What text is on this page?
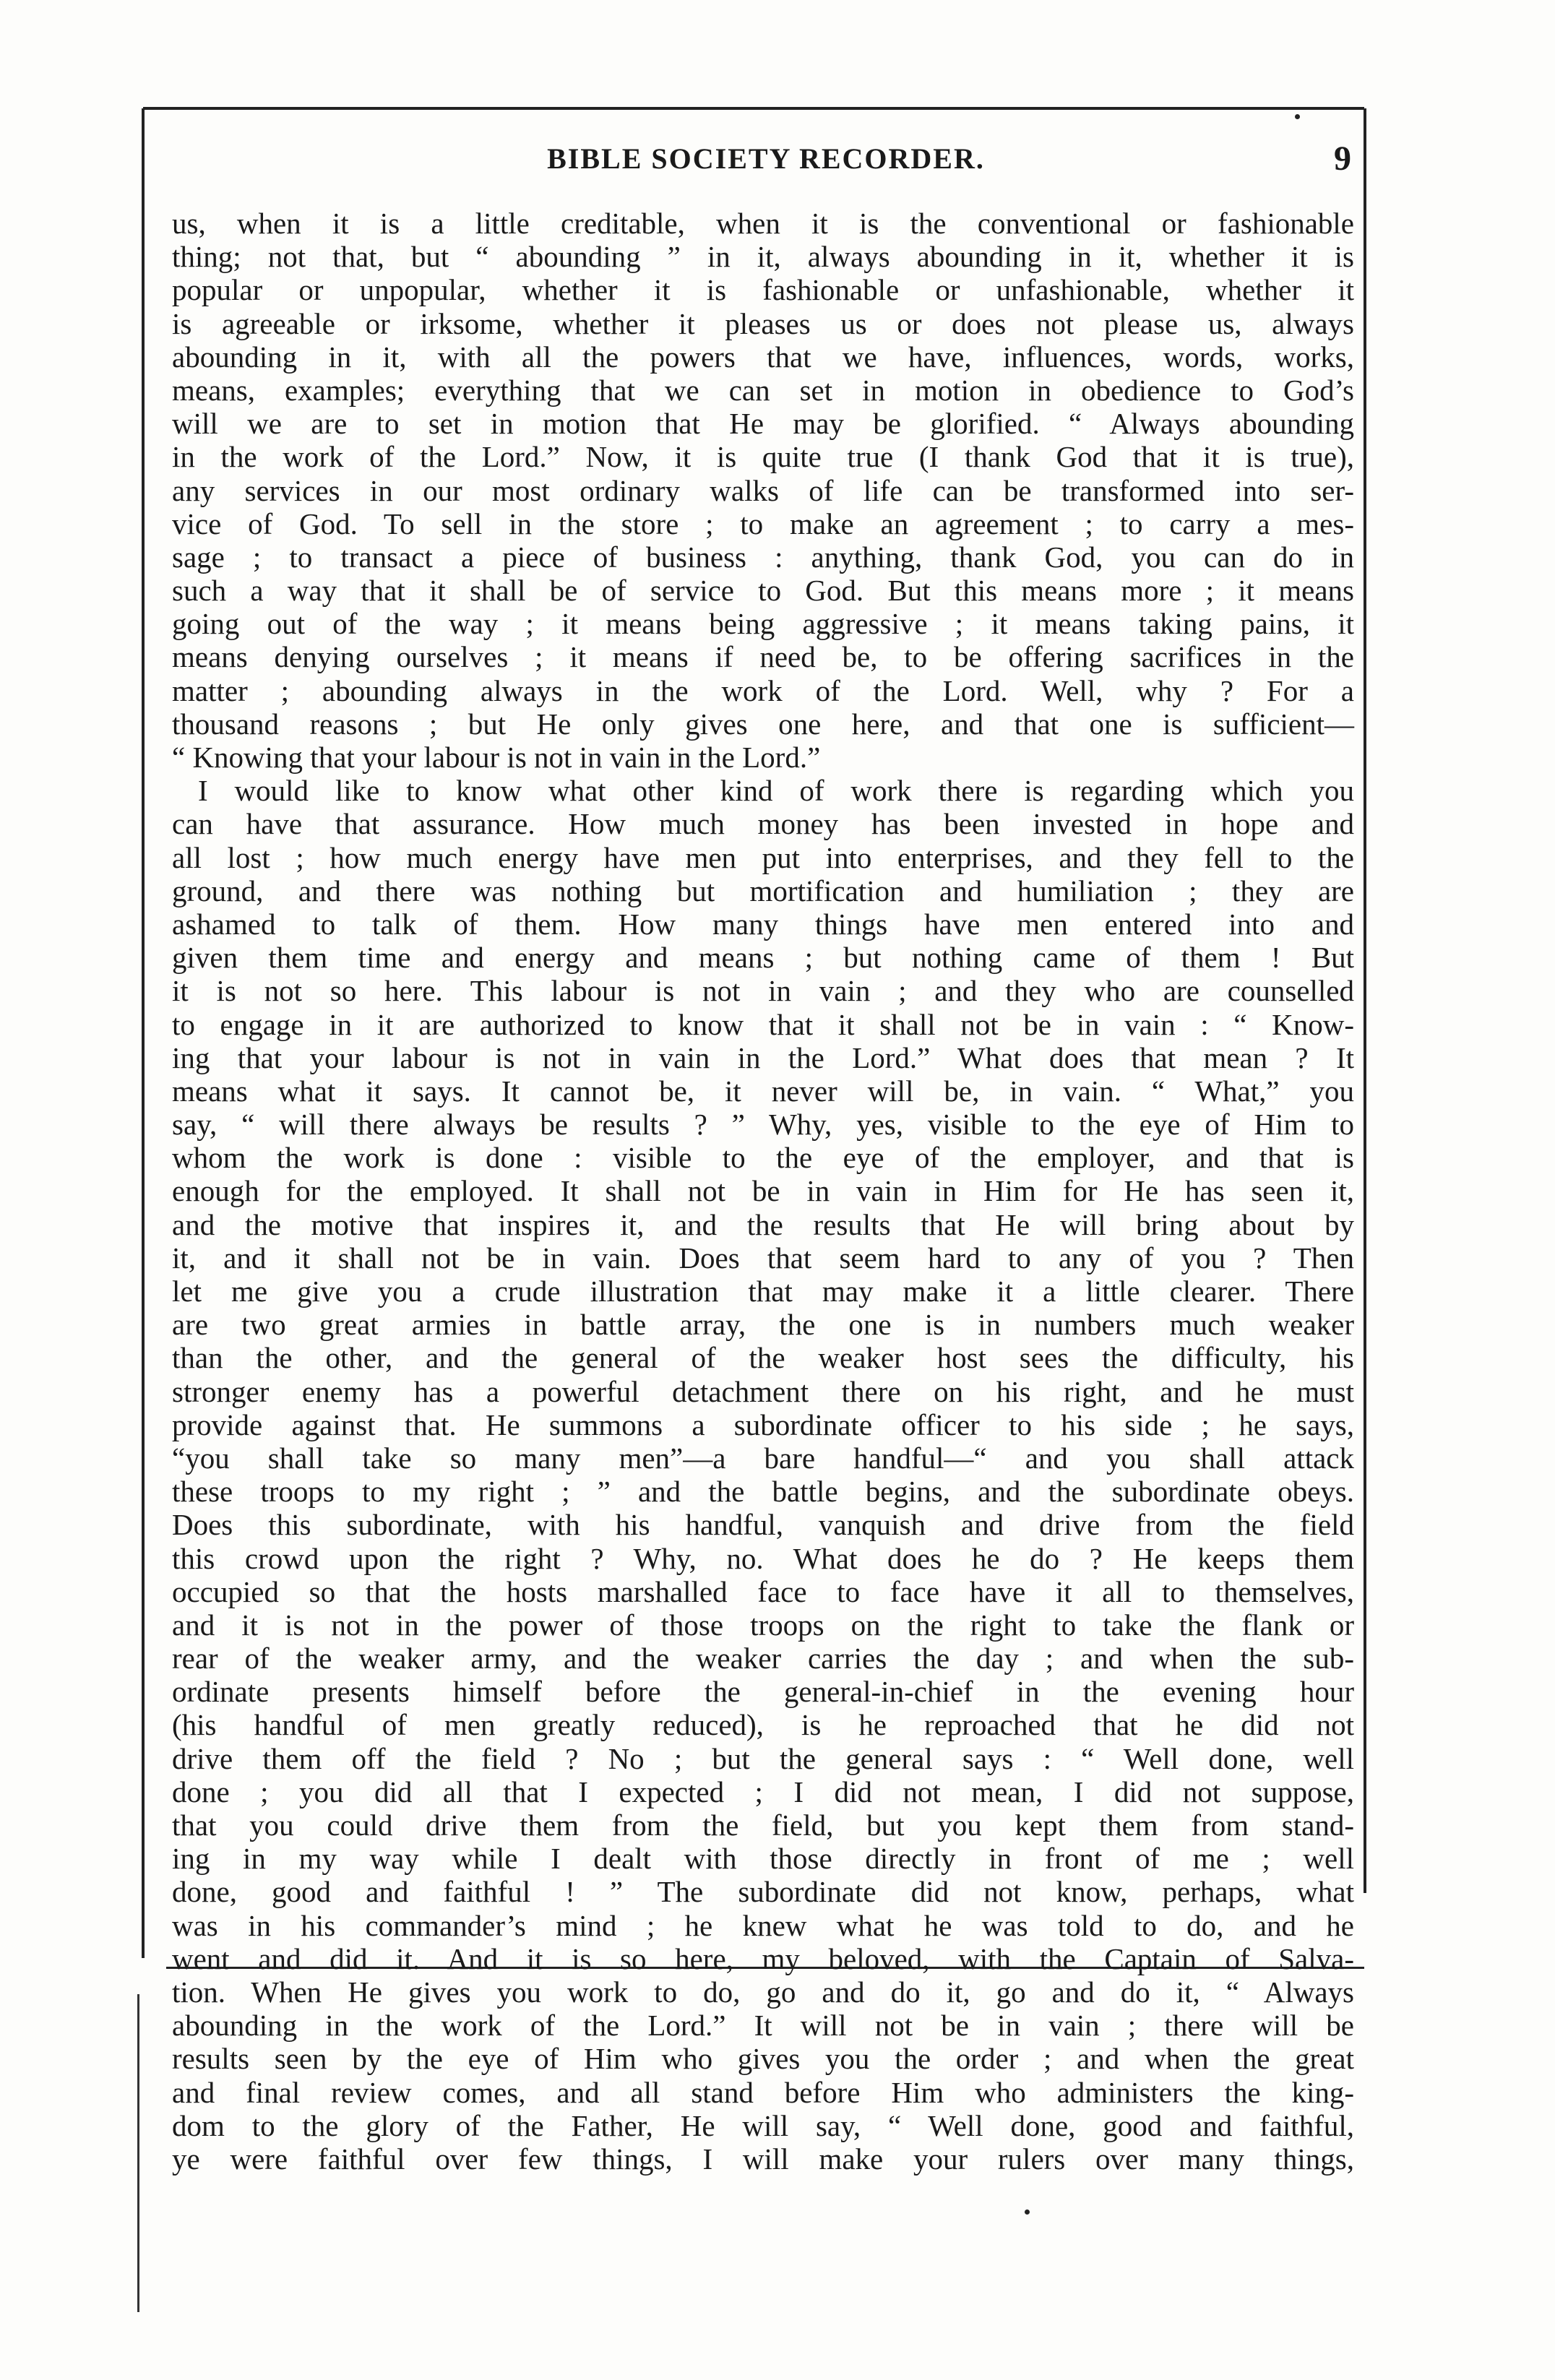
BIBLE SOCIETY RECORDER.	9
us, when it is a little creditable, when it is the conventional or fashionable
thing; not that, but “ abounding ” in it, always abounding in it, whether it is
popular or unpopular, whether it is fashionable or unfashionable, whether it
is agreeable or irksome, whether it pleases us or does not please us, always
abounding in it, with all the powers that we have, influences, words, works,
means, examples; everything that we can set in motion in obedience to God’s
will we are to set in motion that He may be glorified. “ Always abounding
in the work of the Lord.” Now, it is quite true (I thank God that it is true),
any services in our most ordinary walks of life can be transformed into ser-
vice of God. To sell in the store ; to make an agreement ; to carry a mes-
sage ; to transact a piece of business : anything, thank God, you can do in
such a way that it shall be of service to God. But this means more ; it means
going out of the way ; it means being aggressive ; it means taking pains, it
means denying ourselves ; it means if need be, to be offering sacrifices in the
matter ; abounding always in the work of the Lord. Well, why ? For a
thousand reasons ; but He only gives one here, and that one is sufficient—
“ Knowing that your labour is not in vain in the Lord.”
I would like to know what other kind of work there is regarding which you
can have that assurance. How much money has been invested in hope and
all lost ; how much energy have men put into enterprises, and they fell to the
ground, and there was nothing but mortification and humiliation ; they are
ashamed to talk of them. How many things have men entered into and
given them time and energy and means ; but nothing came of them ! But
it is not so here. This labour is not in vain ; and they who are counselled
to engage in it are authorized to know that it shall not be in vain : “ Know-
ing that your labour is not in vain in the Lord.” What does that mean ? It
means what it says. It cannot be, it never will be, in vain. “ What,” you
say, “ will there always be results ? ” Why, yes, visible to the eye of Him to
whom the work is done : visible to the eye of the employer, and that is
enough for the employed. It shall not be in vain in Him for He has seen it,
and the motive that inspires it, and the results that He will bring about by
it, and it shall not be in vain. Does that seem hard to any of you ? Then
let me give you a crude illustration that may make it a little clearer. There
are two great armies in battle array, the one is in numbers much weaker
than the other, and the general of the weaker host sees the difficulty, his
stronger enemy has a powerful detachment there on his right, and he must
provide against that. He summons a subordinate officer to his side ; he says,
“you shall take so many men”—a bare handful—“ and you shall attack
these troops to my right ; ” and the battle begins, and the subordinate obeys.
Does this subordinate, with his handful, vanquish and drive from the field
this crowd upon the right ? Why, no. What does he do ? He keeps them
occupied so that the hosts marshalled face to face have it all to themselves,
and it is not in the power of those troops on the right to take the flank or
rear of the weaker army, and the weaker carries the day ; and when the sub-
ordinate presents himself before the general-in-chief in the evening hour
(his handful of men greatly reduced), is he reproached that he did not
drive them off the field ? No ; but the general says : “ Well done, well
done ; you did all that I expected ; I did not mean, I did not suppose,
that you could drive them from the field, but you kept them from stand-
ing in my way while I dealt with those directly in front of me ; well
done, good and faithful ! ” The subordinate did not know, perhaps, what
was in his commander’s mind ; he knew what he was told to do, and he
went and did it. And it is so here, my beloved, with the Captain of Salva-
tion. When He gives you work to do, go and do it, go and do it, “ Always
abounding in the work of the Lord.” It will not be in vain ; there will be
results seen by the eye of Him who gives you the order ; and when the great
and final review comes, and all stand before Him who administers the king-
dom to the glory of the Father, He will say, “ Well done, good and faithful,
ye were faithful over few things, I will make your rulers over many things,
